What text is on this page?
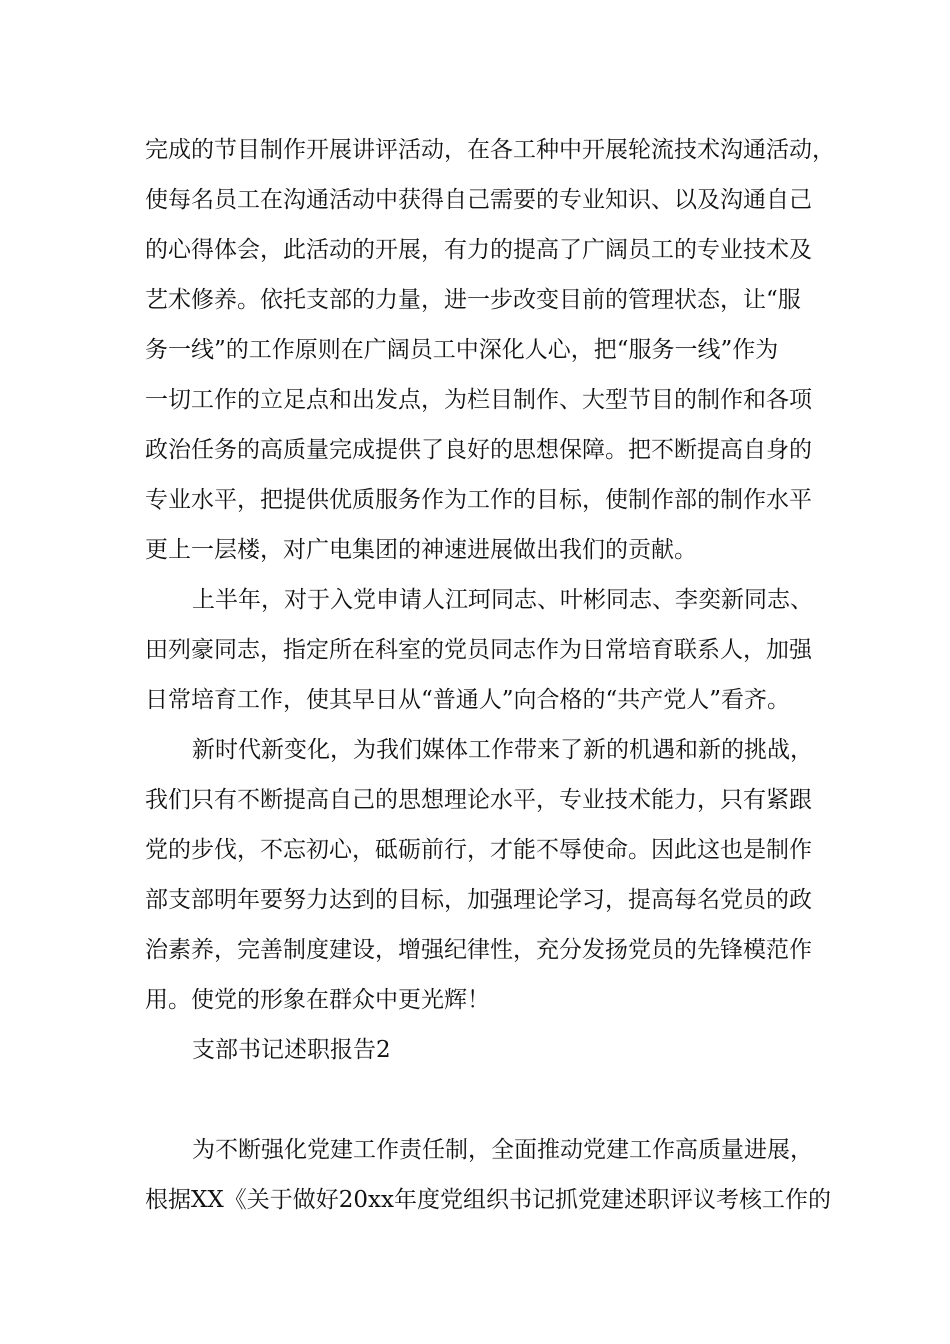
完成的节目制作开展讲评活动，在各工种中开展轮流技术沟通活动，
使每名员工在沟通活动中获得自己需要的专业知识、以及沟通自己
的心得体会，此活动的开展，有力的提高了广阔员工的专业技术及
艺术修养。依托支部的力量，进一步改变目前的管理状态，让“服
务一线”的工作原则在广阔员工中深化人心，把“服务一线”作为
一切工作的立足点和出发点，为栏目制作、大型节目的制作和各项
政治任务的高质量完成提供了良好的思想保障。把不断提高自身的
专业水平，把提供优质服务作为工作的目标，使制作部的制作水平
更上一层楼，对广电集团的神速进展做出我们的贡献。
上半年，对于入党申请人江珂同志、叶彬同志、李奕新同志、
田列豪同志，指定所在科室的党员同志作为日常培育联系人，加强
日常培育工作，使其早日从“普通人”向合格的“共产党人”看齐。
新时代新变化，为我们媒体工作带来了新的机遇和新的挑战，
我们只有不断提高自己的思想理论水平，专业技术能力，只有紧跟
党的步伐，不忘初心，砥砺前行，才能不辱使命。因此这也是制作
部支部明年要努力达到的目标，加强理论学习，提高每名党员的政
治素养，完善制度建设，增强纪律性，充分发扬党员的先锋模范作
用。使党的形象在群众中更光辉！
支部书记述职报告2
为不断强化党建工作责任制，全面推动党建工作高质量进展，
根据XX《关于做好20xx年度党组织书记抓党建述职评议考核工作的
